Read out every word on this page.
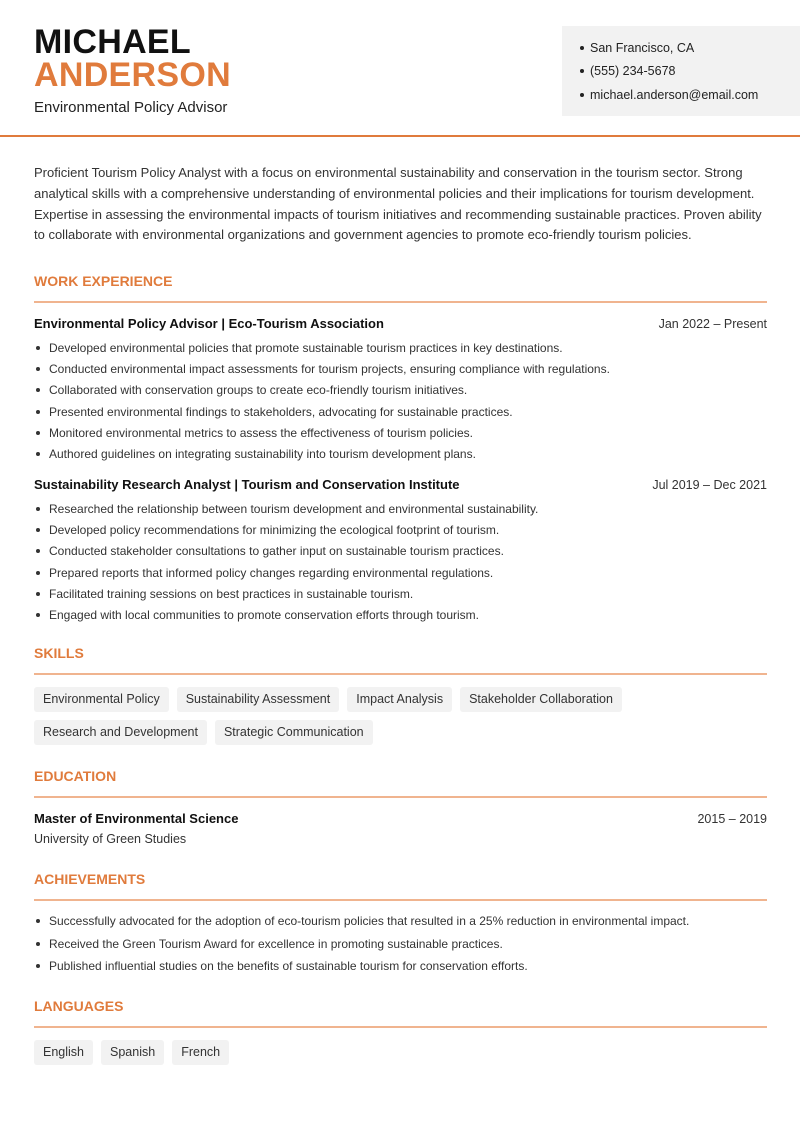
MICHAEL
ANDERSON
Environmental Policy Advisor
San Francisco, CA
(555) 234-5678
michael.anderson@email.com

Proficient Tourism Policy Analyst with a focus on environmental sustainability and conservation in the tourism sector. Strong analytical skills with a comprehensive understanding of environmental policies and their implications for tourism development. Expertise in assessing the environmental impacts of tourism initiatives and recommending sustainable practices. Proven ability to collaborate with environmental organizations and government agencies to promote eco-friendly tourism policies.

WORK EXPERIENCE
Environmental Policy Advisor | Eco-Tourism Association	Jan 2022 – Present
Developed environmental policies that promote sustainable tourism practices in key destinations.
Conducted environmental impact assessments for tourism projects, ensuring compliance with regulations.
Collaborated with conservation groups to create eco-friendly tourism initiatives.
Presented environmental findings to stakeholders, advocating for sustainable practices.
Monitored environmental metrics to assess the effectiveness of tourism policies.
Authored guidelines on integrating sustainability into tourism development plans.
Sustainability Research Analyst | Tourism and Conservation Institute	Jul 2019 – Dec 2021
Researched the relationship between tourism development and environmental sustainability.
Developed policy recommendations for minimizing the ecological footprint of tourism.
Conducted stakeholder consultations to gather input on sustainable tourism practices.
Prepared reports that informed policy changes regarding environmental regulations.
Facilitated training sessions on best practices in sustainable tourism.
Engaged with local communities to promote conservation efforts through tourism.
SKILLS
Environmental Policy	Sustainability Assessment	Impact Analysis	Stakeholder Collaboration
Research and Development	Strategic Communication
EDUCATION
Master of Environmental Science	2015 – 2019
University of Green Studies
ACHIEVEMENTS
Successfully advocated for the adoption of eco-tourism policies that resulted in a 25% reduction in environmental impact.
Received the Green Tourism Award for excellence in promoting sustainable practices.
Published influential studies on the benefits of sustainable tourism for conservation efforts.
LANGUAGES
English	Spanish	French
